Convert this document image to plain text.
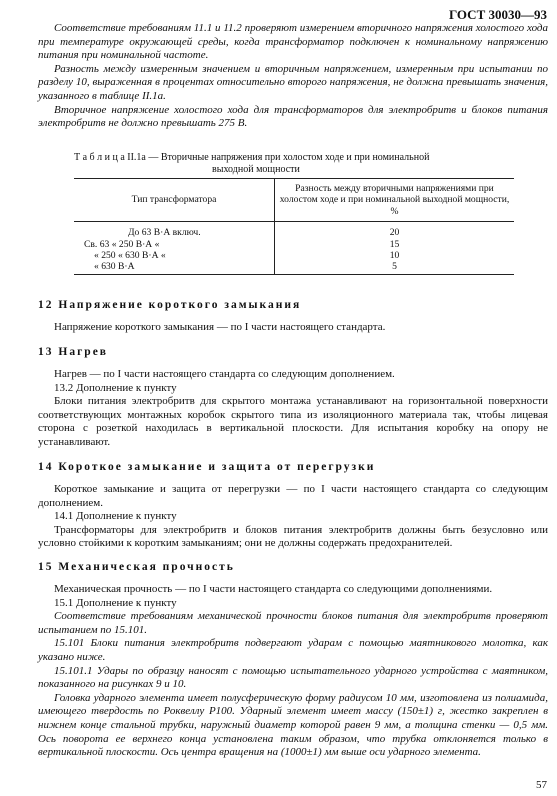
ГОСТ 30030—93

Соответствие требованиям 11.1 и 11.2 проверяют измерением вторичного напряжения холостого хода при температуре окружающей среды, когда трансформатор подключен к номинальному напряжению питания при номинальной частоте.

Разность между измеренным значением и вторичным напряжением, измеренным при испытании по разделу 10, выраженная в процентах относительно второго напряжения, не должна превышать значения, указанного в таблице II.1а.

Вторичное напряжение холостого хода для трансформаторов для электробритв и блоков питания электробритв не должно превышать 275 В.

Т а б л и ц а II.1а — Вторичные напряжения при холостом ходе и при номинальной
выходной мощности
Тип трансформатора	Разность между вторичными напряжениями при холостом ходе и при номинальной выходной мощности, %
До 63 В·А включ.	20
Св. 63 « 250 В·А «	15
« 250 « 630 В·А «	10
« 630 В·А	5
12 Напряжение короткого замыкания

Напряжение короткого замыкания — по I части настоящего стандарта.

13 Нагрев

Нагрев — по I части настоящего стандарта со следующим дополнением.

13.2 Дополнение к пункту

Блоки питания электробритв для скрытого монтажа устанавливают на горизонтальной поверхности соответствующих монтажных коробок скрытого типа из изоляционного материала так, чтобы лицевая сторона с розеткой находилась в вертикальной плоскости. Для испытания коробку на опору не устанавливают.

14 Короткое замыкание и защита от перегрузки

Короткое замыкание и защита от перегрузки — по I части настоящего стандарта со следующим дополнением.

14.1 Дополнение к пункту

Трансформаторы для электробритв и блоков питания электробритв должны быть безусловно или условно стойкими к коротким замыканиям; они не должны содержать предохранителей.

15 Механическая прочность

Механическая прочность — по I части настоящего стандарта со следующими дополнениями.

15.1 Дополнение к пункту

Соответствие требованиям механической прочности блоков питания для электробритв проверяют испытанием по 15.101.

15.101 Блоки питания электробритв подвергают ударам с помощью маятникового молотка, как указано ниже.

15.101.1 Удары по образцу наносят с помощью испытательного ударного устройства с маятником, показанного на рисунках 9 и 10.

Головка ударного элемента имеет полусферическую форму радиусом 10 мм, изготовлена из полиамида, имеющего твердость по Роквеллу Р100. Ударный элемент имеет массу (150±1) г, жестко закреплен в нижнем конце стальной трубки, наружный диаметр которой равен 9 мм, а толщина стенки — 0,5 мм. Ось поворота ее верхнего конца установлена таким образом, что трубка отклоняется только в вертикальной плоскости. Ось центра вращения на (1000±1) мм выше оси ударного элемента.

57
